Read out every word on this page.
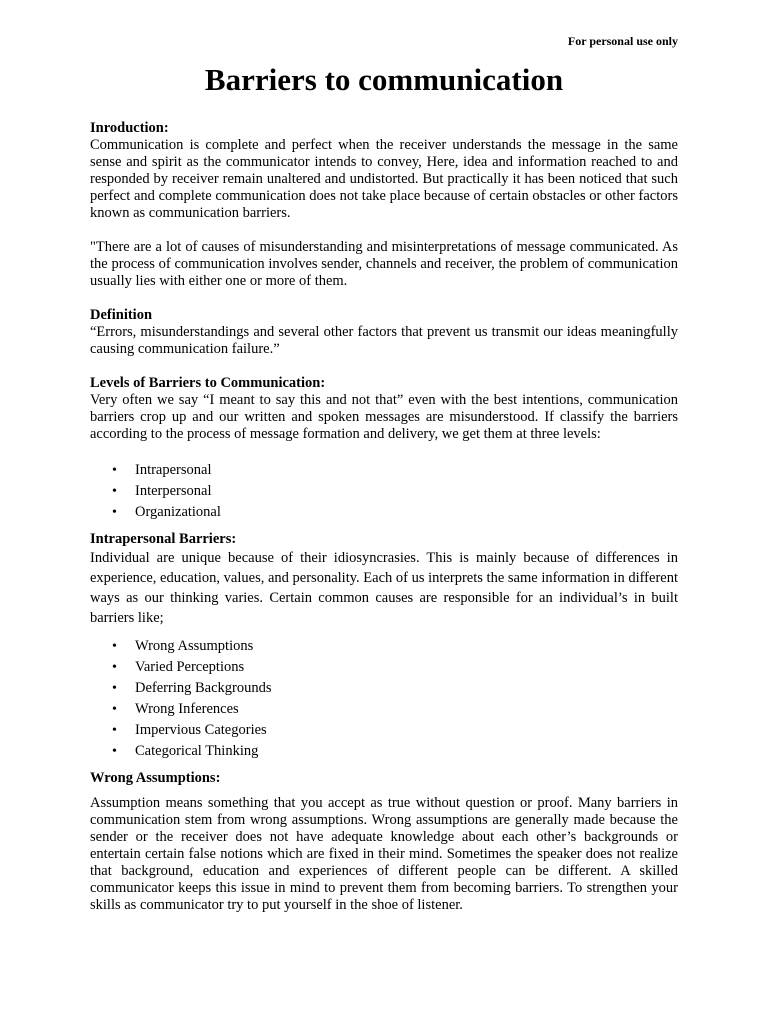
For personal use only
Barriers to communication

Inroduction:

Communication is complete and perfect when the receiver understands the message in the same sense and spirit as the communicator intends to convey, Here, idea and information reached to and responded by receiver remain unaltered and undistorted. But practically it has been noticed that such perfect and complete communication does not take place because of certain obstacles or other factors known as communication barriers.

"There are a lot of causes of misunderstanding and misinterpretations of message communicated. As the process of communication involves sender, channels and receiver, the problem of communication usually lies with either one or more of them.

Definition

“Errors, misunderstandings and several other factors that prevent us transmit our ideas meaningfully causing communication failure.”

Levels of Barriers to Communication:

Very often we say “I meant to say this and not that” even with the best intentions, communication barriers crop up and our written and spoken messages are misunderstood. If classify the barriers according to the process of message formation and delivery, we get them at three levels:

• Intrapersonal
• Interpersonal
• Organizational

Intrapersonal Barriers:

Individual are unique because of their idiosyncrasies. This is mainly because of differences in experience, education, values, and personality. Each of us interprets the same information in different ways as our thinking varies. Certain common causes are responsible for an individual’s in built barriers like;

• Wrong Assumptions
• Varied Perceptions
• Deferring Backgrounds
• Wrong Inferences
• Impervious Categories
• Categorical Thinking

Wrong Assumptions:

Assumption means something that you accept as true without question or proof. Many barriers in communication stem from wrong assumptions. Wrong assumptions are generally made because the sender or the receiver does not have adequate knowledge about each other’s backgrounds or entertain certain false notions which are fixed in their mind. Sometimes the speaker does not realize that background, education and experiences of different people can be different. A skilled communicator keeps this issue in mind to prevent them from becoming barriers. To strengthen your skills as communicator try to put yourself in the shoe of listener.
